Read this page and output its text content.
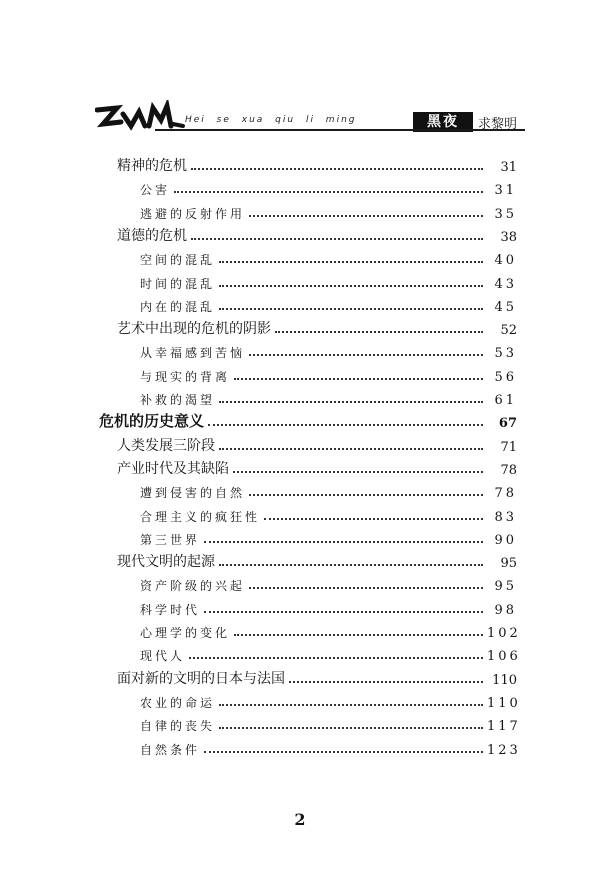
Hei se xua qiu li ming	黑夜	求黎明
精神的危机	31
公害	31
逃避的反射作用	35
道德的危机	38
空间的混乱	40
时间的混乱	43
内在的混乱	45
艺术中出现的危机的阴影	52
从幸福感到苦恼	53
与现实的背离	56
补救的渴望	61
危机的历史意义	67
人类发展三阶段	71
产业时代及其缺陷	78
遭到侵害的自然	78
合理主义的疯狂性	83
第三世界	90
现代文明的起源	95
资产阶级的兴起	95
科学时代	98
心理学的变化	102
现代人	106
面对新的文明的日本与法国	110
农业的命运	110
自律的丧失	117
自然条件	123
2
